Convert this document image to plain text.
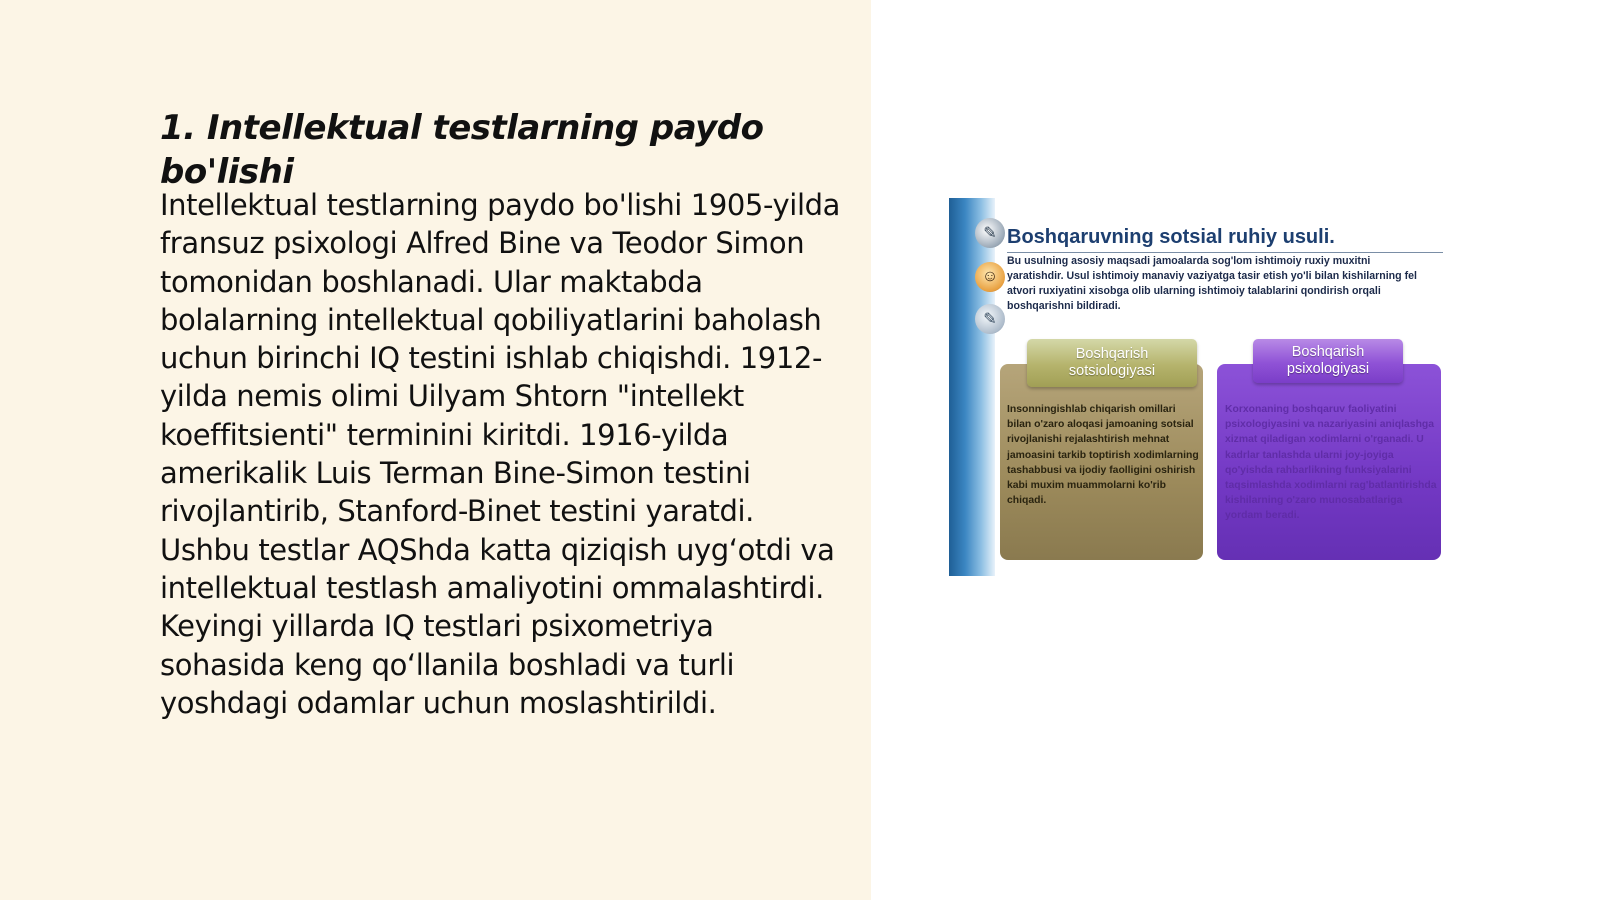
1. Intellektual testlarning paydo bo'lishi

Intellektual testlarning paydo bo'lishi 1905-yilda fransuz psixologi Alfred Bine va Teodor Simon tomonidan boshlanadi. Ular maktabda bolalarning intellektual qobiliyatlarini baholash uchun birinchi IQ testini ishlab chiqishdi. 1912-yilda nemis olimi Uilyam Shtorn "intellekt koeffitsienti" terminini kiritdi. 1916-yilda amerikalik Luis Terman Bine-Simon testini rivojlantirib, Stanford-Binet testini yaratdi. Ushbu testlar AQShda katta qiziqish uyg‘otdi va intellektual testlash amaliyotini ommalashtirdi. Keyingi yillarda IQ testlari psixometriya sohasida keng qo‘llanila boshladi va turli yoshdagi odamlar uchun moslashtirildi.

✎
☺
✎
Boshqaruvning sotsial ruhiy usuli.

Bu usulning asosiy maqsadi jamoalarda sog'lom ishtimoiy ruxiy muxitni yaratishdir. Usul ishtimoiy manaviy vaziyatga tasir etish yo'li bilan kishilarning fel atvori ruxiyatini xisobga olib ularning ishtimoiy talablarini qondirish orqali boshqarishni bildiradi.

Boshqarish
sotsiologiyasi
Boshqarish
psixologiyasi

Insonningishlab chiqarish omillari bilan o'zaro aloqasi jamoaning sotsial rivojlanishi rejalashtirish mehnat jamoasini tarkib toptirish xodimlarning tashabbusi va ijodiy faolligini oshirish kabi muxim muammolarni ko'rib chiqadi.

Korxonaning boshqaruv faoliyatini psixologiyasini va nazariyasini aniqlashga xizmat qiladigan xodimlarni o'rganadi. U kadrlar tanlashda ularni joy-joyiga qo'yishda rahbarlikning funksiyalarini taqsimlashda xodimlarni rag'batlantirishda kishilarning o'zaro munosabatlariga yordam beradi.
